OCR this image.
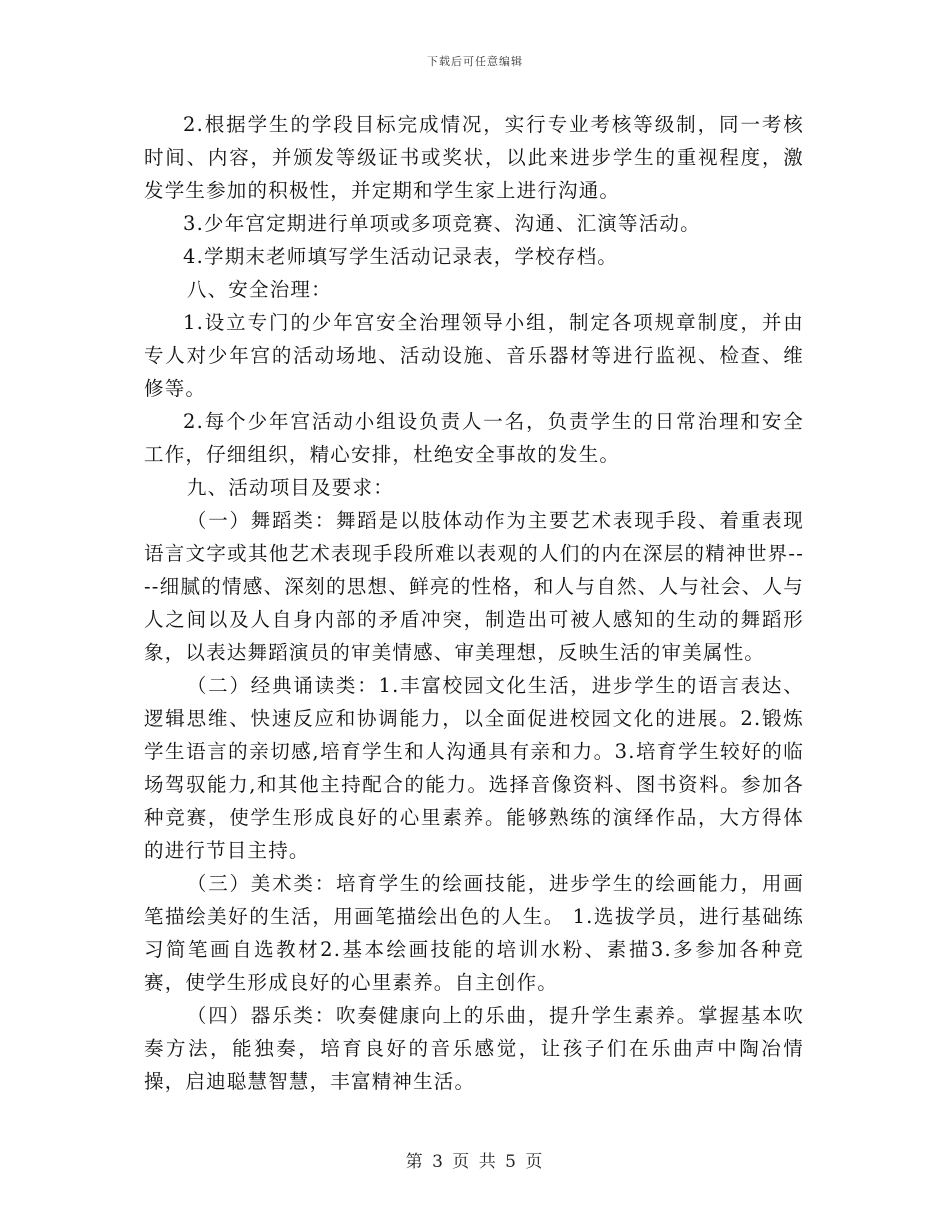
下载后可任意编辑

2.根据学生的学段目标完成情况，实行专业考核等级制，同一考核时间、内容，并颁发等级证书或奖状，以此来进步学生的重视程度，激发学生参加的积极性，并定期和学生家上进行沟通。

3.少年宫定期进行单项或多项竞赛、沟通、汇演等活动。

4.学期末老师填写学生活动记录表，学校存档。

八、安全治理：

1.设立专门的少年宫安全治理领导小组，制定各项规章制度，并由专人对少年宫的活动场地、活动设施、音乐器材等进行监视、检查、维修等。

2.每个少年宫活动小组设负责人一名，负责学生的日常治理和安全工作，仔细组织，精心安排，杜绝安全事故的发生。

九、活动项目及要求：

（一）舞蹈类：舞蹈是以肢体动作为主要艺术表现手段、着重表现语言文字或其他艺术表现手段所难以表观的人们的内在深层的精神世界----细腻的情感、深刻的思想、鲜亮的性格，和人与自然、人与社会、人与人之间以及人自身内部的矛盾冲突，制造出可被人感知的生动的舞蹈形象，以表达舞蹈演员的审美情感、审美理想，反映生活的审美属性。

（二）经典诵读类：1.丰富校园文化生活，进步学生的语言表达、逻辑思维、快速反应和协调能力，以全面促进校园文化的进展。2.锻炼学生语言的亲切感,培育学生和人沟通具有亲和力。3.培育学生较好的临场驾驭能力,和其他主持配合的能力。选择音像资料、图书资料。参加各种竞赛，使学生形成良好的心里素养。能够熟练的演绎作品，大方得体的进行节目主持。

（三）美术类：培育学生的绘画技能，进步学生的绘画能力，用画笔描绘美好的生活，用画笔描绘出色的人生。 1.选拔学员，进行基础练习简笔画自选教材2.基本绘画技能的培训水粉、素描3.多参加各种竞赛，使学生形成良好的心里素养。自主创作。

（四）器乐类：吹奏健康向上的乐曲，提升学生素养。掌握基本吹奏方法，能独奏，培育良好的音乐感觉，让孩子们在乐曲声中陶冶情操，启迪聪慧智慧，丰富精神生活。

第 3 页 共 5 页
